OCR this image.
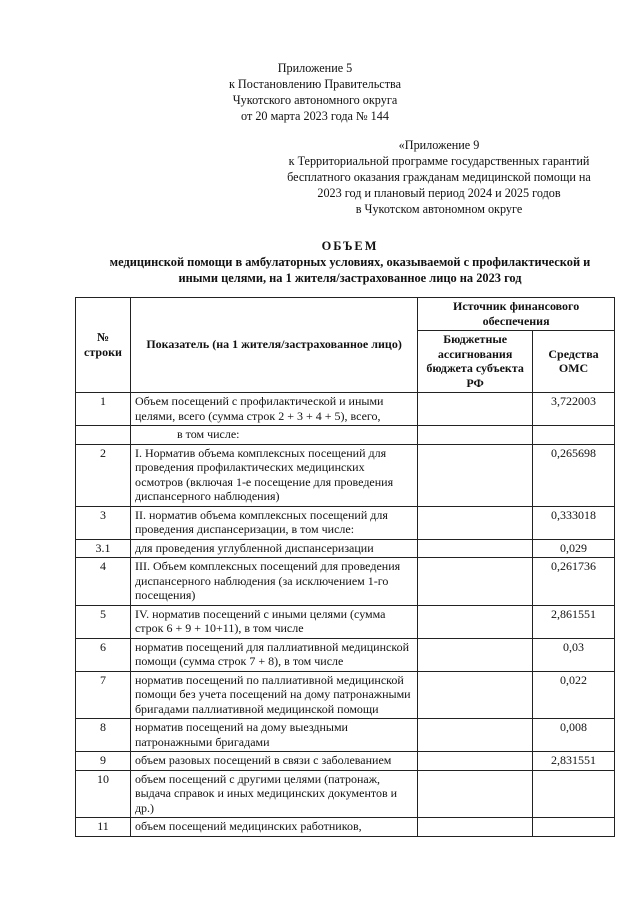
Приложение 5
к Постановлению Правительства
Чукотского автономного округа
от 20 марта 2023 года № 144
«Приложение 9
к Территориальной программе государственных гарантий
бесплатного оказания гражданам медицинской помощи на
2023 год и плановый период 2024 и 2025 годов
в Чукотском автономном округе
ОБЪЕМ
медицинской помощи в амбулаторных условиях, оказываемой с профилактической и
иными целями, на 1 жителя/застрахованное лицо на 2023 год
№ строки	Показатель (на 1 жителя/застрахованное лицо)	Источник финансового обеспечения	
		Бюджетные ассигнования бюджета субъекта РФ	Средства ОМС
1	Объем посещений с профилактической и иными целями, всего (сумма строк 2 + 3 + 4 + 5), всего,		3,722003
	в том числе:		
2	I. Норматив объема комплексных посещений для проведения профилактических медицинских осмотров (включая 1-е посещение для проведения диспансерного наблюдения)		0,265698
3	II. норматив объема комплексных посещений для проведения диспансеризации, в том числе:		0,333018
3.1	для проведения углубленной диспансеризации		0,029
4	III. Объем комплексных посещений для проведения диспансерного наблюдения (за исключением 1-го посещения)		0,261736
5	IV. норматив посещений с иными целями (сумма строк 6 + 9 + 10+11), в том числе		2,861551
6	норматив посещений для паллиативной медицинской помощи (сумма строк 7 + 8), в том числе		0,03
7	норматив посещений по паллиативной медицинской помощи без учета посещений на дому патронажными бригадами паллиативной медицинской помощи		0,022
8	норматив посещений на дому выездными патронажными бригадами		0,008
9	объем разовых посещений в связи с заболеванием		2,831551
10	объем посещений с другими целями (патронаж, выдача справок и иных медицинских документов и др.)		
11	объем посещений медицинских работников,		
